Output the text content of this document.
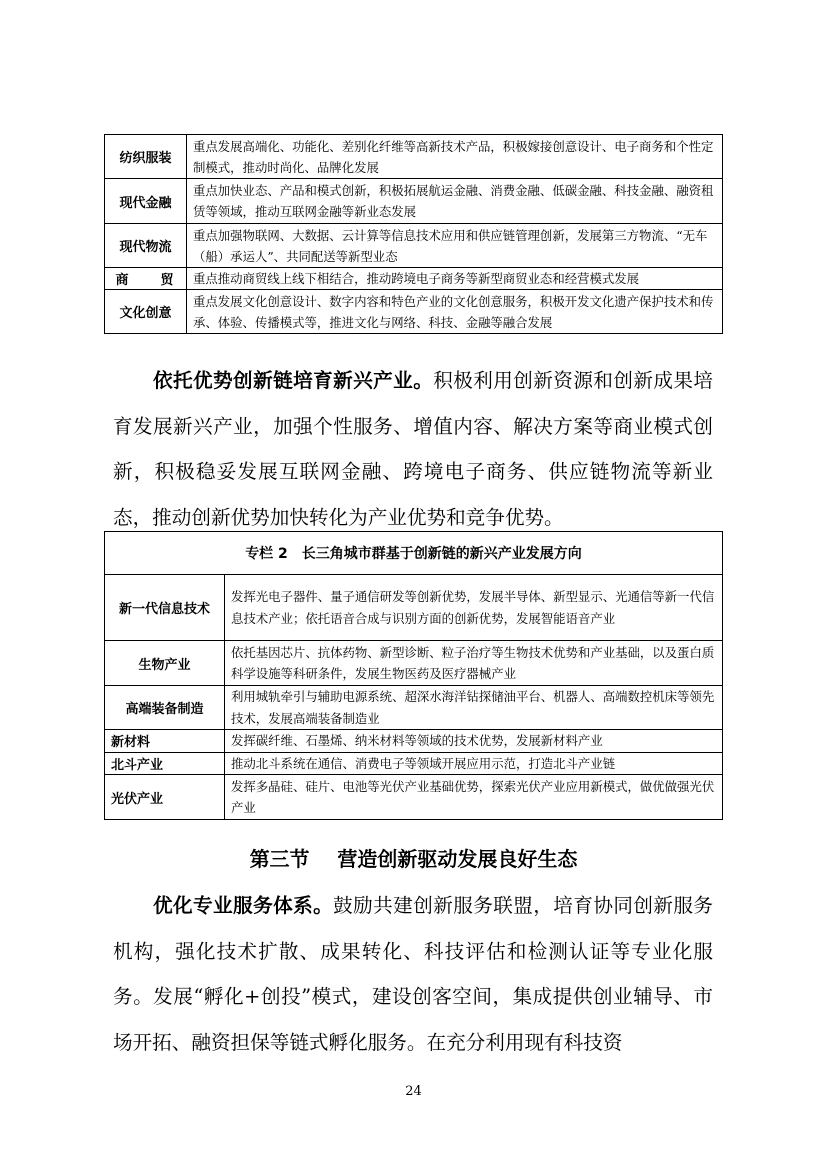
纺织服装	重点发展高端化、功能化、差别化纤维等高新技术产品，积极嫁接创意设计、电子商务和个性定制模式，推动时尚化、品牌化发展
现代金融	重点加快业态、产品和模式创新，积极拓展航运金融、消费金融、低碳金融、科技金融、融资租赁等领域，推动互联网金融等新业态发展
现代物流	重点加强物联网、大数据、云计算等信息技术应用和供应链管理创新，发展第三方物流、“无车（船）承运人”、共同配送等新型业态
商　　贸	重点推动商贸线上线下相结合，推动跨境电子商务等新型商贸业态和经营模式发展
文化创意	重点发展文化创意设计、数字内容和特色产业的文化创意服务，积极开发文化遗产保护技术和传承、体验、传播模式等，推进文化与网络、科技、金融等融合发展

依托优势创新链培育新兴产业。积极利用创新资源和创新成果培育发展新兴产业，加强个性服务、增值内容、解决方案等商业模式创新，积极稳妥发展互联网金融、跨境电子商务、供应链物流等新业态，推动创新优势加快转化为产业优势和竞争优势。

专栏 2　长三角城市群基于创新链的新兴产业发展方向	
新一代信息技术	发挥光电子器件、量子通信研发等创新优势，发展半导体、新型显示、光通信等新一代信息技术产业；依托语音合成与识别方面的创新优势，发展智能语音产业
生物产业	依托基因芯片、抗体药物、新型诊断、粒子治疗等生物技术优势和产业基础，以及蛋白质科学设施等科研条件，发展生物医药及医疗器械产业
高端装备制造	利用城轨牵引与辅助电源系统、超深水海洋钻探储油平台、机器人、高端数控机床等领先技术，发展高端装备制造业
新材料	发挥碳纤维、石墨烯、纳米材料等领域的技术优势，发展新材料产业
北斗产业	推动北斗系统在通信、消费电子等领域开展应用示范，打造北斗产业链
光伏产业	发挥多晶硅、硅片、电池等光伏产业基础优势，探索光伏产业应用新模式，做优做强光伏产业
第三节 营造创新驱动发展良好生态

优化专业服务体系。鼓励共建创新服务联盟，培育协同创新服务机构，强化技术扩散、成果转化、科技评估和检测认证等专业化服务。发展“孵化+创投”模式，建设创客空间，集成提供创业辅导、市场开拓、融资担保等链式孵化服务。在充分利用现有科技资

24
